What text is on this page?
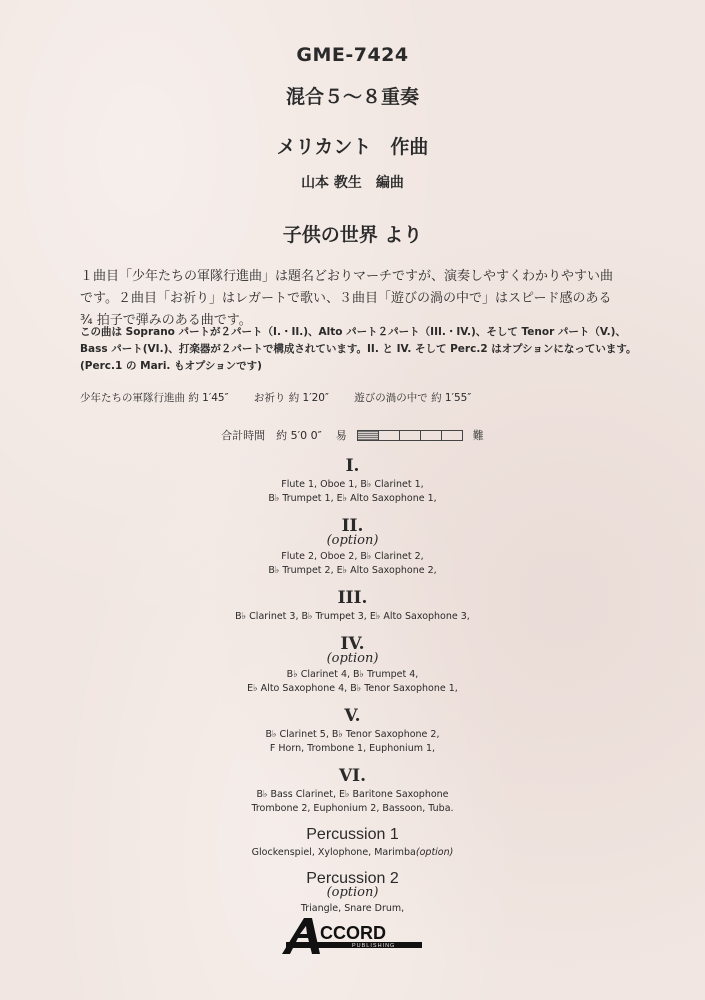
GME-7424
混合５～８重奏
メリカント　作曲
山本 教生　編曲
子供の世界 より
１曲目「少年たちの軍隊行進曲」は題名どおりマーチですが、演奏しやすくわかりやすい曲
です。２曲目「お祈り」はレガートで歌い、３曲目「遊びの渦の中で」はスピード感のある
¾ 拍子で弾みのある曲です。
この曲は Soprano パートが２パート（I.・II.)、Alto パート２パート（III.・IV.)、そして Tenor パート（V.)、
Bass パート(VI.)、打楽器が２パートで構成されています。II. と IV. そして Perc.2 はオプションになっています。
(Perc.1 の Mari. もオプションです)
少年たちの軍隊行進曲 約 1′45″ お祈り 約 1′20″ 遊びの渦の中で 約 1′55″
合計時間　約 5′0 0″ 易	難
I.
Flute 1, Oboe 1, B♭ Clarinet 1,
B♭ Trumpet 1, E♭ Alto Saxophone 1,
II.
(option)
Flute 2, Oboe 2, B♭ Clarinet 2,
B♭ Trumpet 2, E♭ Alto Saxophone 2,
III.
B♭ Clarinet 3, B♭ Trumpet 3, E♭ Alto Saxophone 3,
IV.
(option)
B♭ Clarinet 4, B♭ Trumpet 4,
E♭ Alto Saxophone 4, B♭ Tenor Saxophone 1,
V.
B♭ Clarinet 5, B♭ Tenor Saxophone 2,
F Horn, Trombone 1, Euphonium 1,
VI.
B♭ Bass Clarinet, E♭ Baritone Saxophone
Trombone 2, Euphonium 2, Bassoon, Tuba.
Percussion 1
Glockenspiel, Xylophone, Marimba(option)
Percussion 2
(option)
Triangle, Snare Drum,
CCORD
PUBLISHING
